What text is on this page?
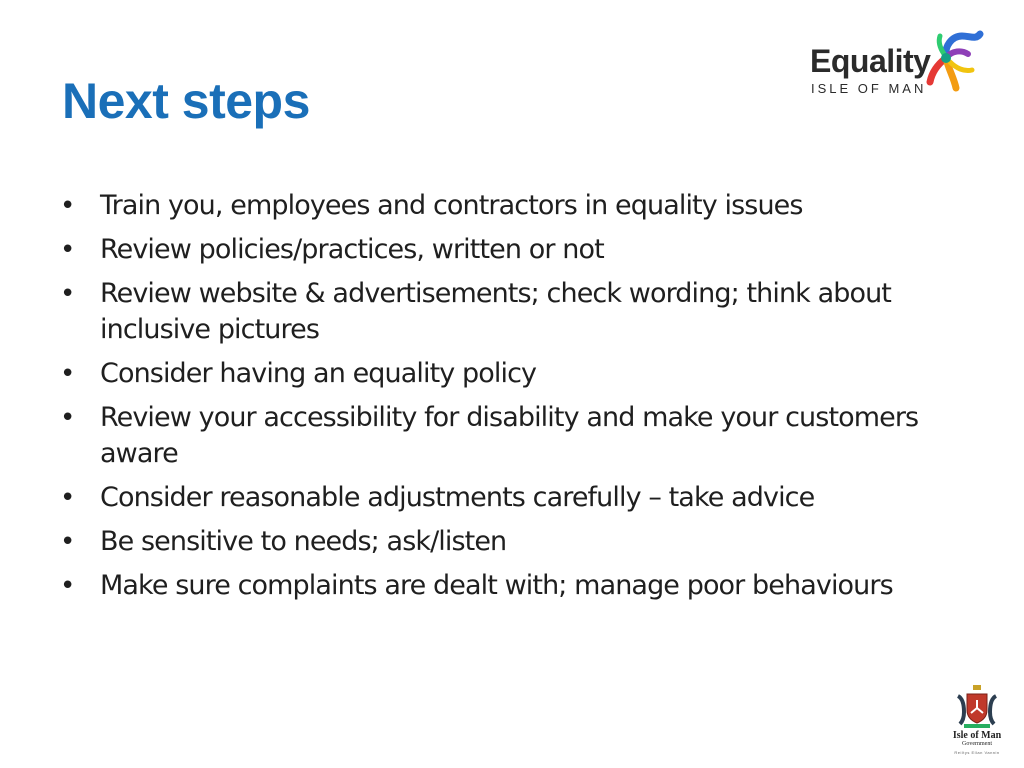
Next steps
Equality
ISLE OF MAN
• Train you, employees and contractors in equality issues
• Review policies/practices, written or not
• Review website & advertisements; check wording; think about inclusive pictures
• Consider having an equality policy
• Review your accessibility for disability and make your customers aware
• Consider reasonable adjustments carefully – take advice
• Be sensitive to needs; ask/listen
• Make sure complaints are dealt with; manage poor behaviours
Isle of Man
Government
Reiltys Ellan Vannin
